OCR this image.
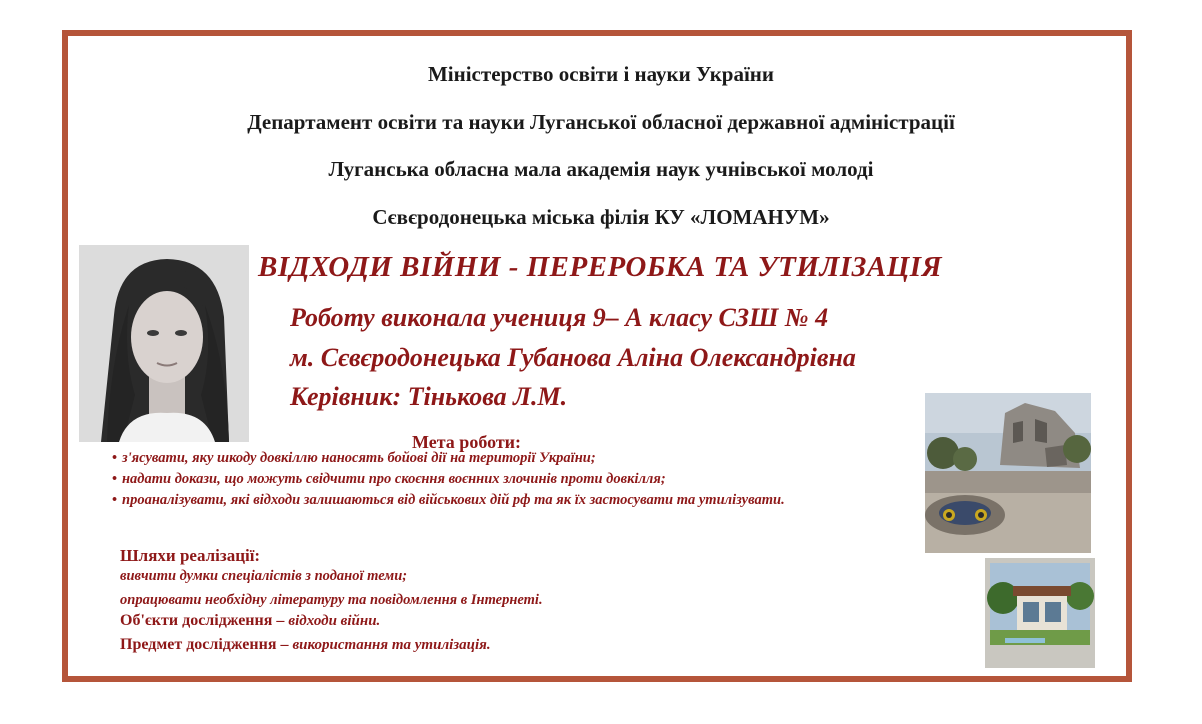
Міністерство освіти і науки України
Департамент освіти та науки Луганської обласної державної адміністрації
Луганська обласна мала академія наук учнівської молоді
Сєвєродонецька міська філія КУ «ЛОМАНУМ»
ВІДХОДИ ВІЙНИ - ПЕРЕРОБКА ТА УТИЛІЗАЦІЯ
Роботу виконала учениця 9– А класу СЗШ № 4
м. Сєвєродонецька Губанова Аліна Олександрівна
Керівник: Тінькова Л.М.
Мета роботи:
• з'ясувати, яку шкоду довкіллю наносять бойові дії на території України;
• надати докази, що можуть свідчити про скоєння воєнних злочинів проти довкілля;
• проаналізувати, які відходи залишаються від військових дій рф та як їх застосувати та утилізувати.
Шляхи реалізації:
вивчити думки спеціалістів з поданої теми;
опрацювати необхідну літературу та повідомлення в Інтернеті.
Об'єкти дослідження – відходи війни.
Предмет дослідження – використання та утилізація.
